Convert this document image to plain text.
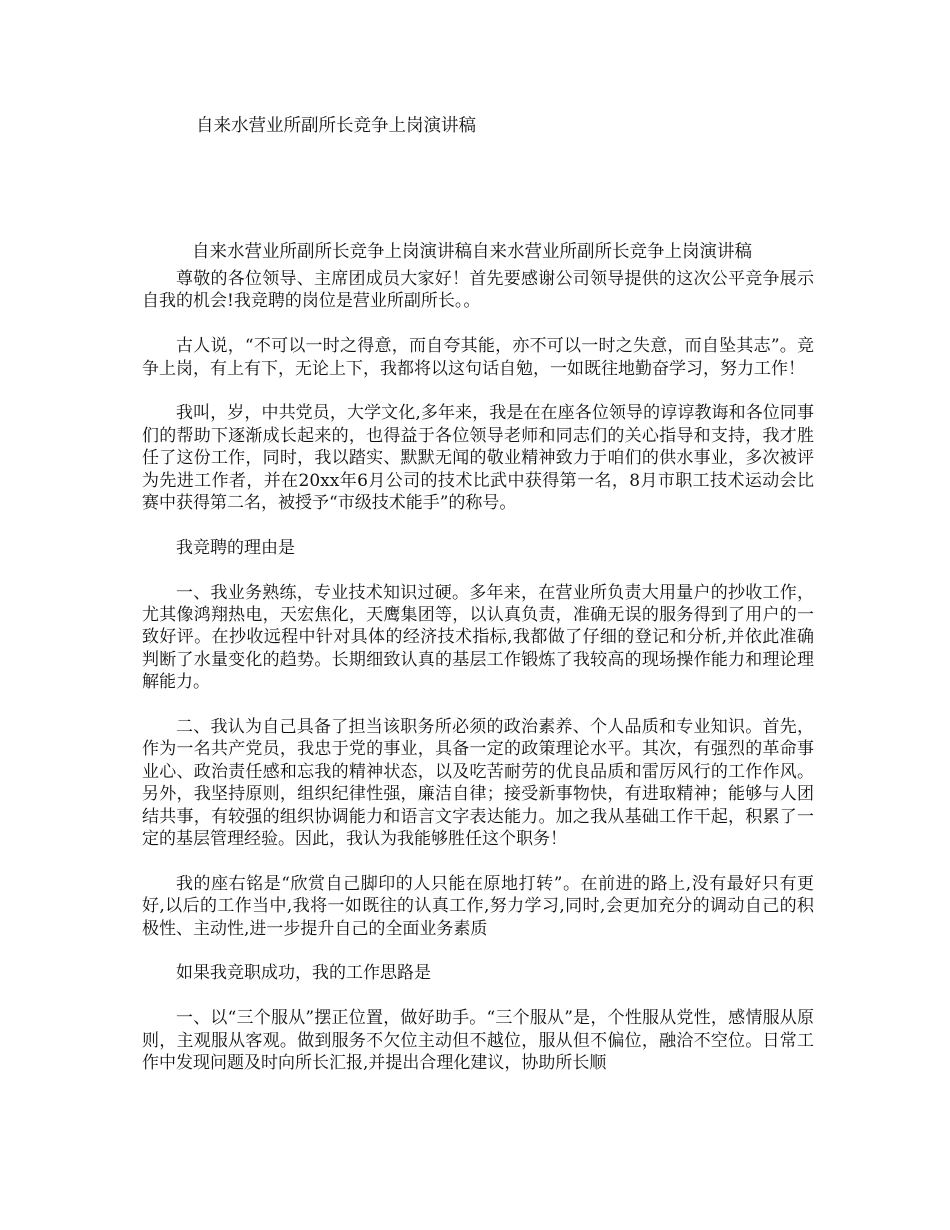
自来水营业所副所长竞争上岗演讲稿
自来水营业所副所长竞争上岗演讲稿自来水营业所副所长竞争上岗演讲稿

尊敬的各位领导、主席团成员大家好！首先要感谢公司领导提供的这次公平竞争展示自我的机会!我竞聘的岗位是营业所副所长。。

古人说，“不可以一时之得意，而自夸其能，亦不可以一时之失意，而自坠其志”。竞争上岗，有上有下，无论上下，我都将以这句话自勉，一如既往地勤奋学习，努力工作！

我叫，岁，中共党员，大学文化,多年来，我是在在座各位领导的谆谆教诲和各位同事们的帮助下逐渐成长起来的，也得益于各位领导老师和同志们的关心指导和支持，我才胜任了这份工作，同时，我以踏实、默默无闻的敬业精神致力于咱们的供水事业，多次被评为先进工作者，并在20xx年6月公司的技术比武中获得第一名，8月市职工技术运动会比赛中获得第二名，被授予“市级技术能手”的称号。

我竞聘的理由是

一、我业务熟练，专业技术知识过硬。多年来，在营业所负责大用量户的抄收工作，尤其像鸿翔热电，天宏焦化，天鹰集团等，以认真负责，准确无误的服务得到了用户的一致好评。在抄收远程中针对具体的经济技术指标,我都做了仔细的登记和分析,并依此准确判断了水量变化的趋势。长期细致认真的基层工作锻炼了我较高的现场操作能力和理论理解能力。

二、我认为自己具备了担当该职务所必须的政治素养、个人品质和专业知识。首先，作为一名共产党员，我忠于党的事业，具备一定的政策理论水平。其次，有强烈的革命事业心、政治责任感和忘我的精神状态，以及吃苦耐劳的优良品质和雷厉风行的工作作风。另外，我坚持原则，组织纪律性强，廉洁自律；接受新事物快，有进取精神；能够与人团结共事，有较强的组织协调能力和语言文字表达能力。加之我从基础工作干起，积累了一定的基层管理经验。因此，我认为我能够胜任这个职务！

我的座右铭是“欣赏自己脚印的人只能在原地打转”。在前进的路上,没有最好只有更好,以后的工作当中,我将一如既往的认真工作,努力学习,同时,会更加充分的调动自己的积极性、主动性,进一步提升自己的全面业务素质

如果我竞职成功，我的工作思路是

一、以“三个服从”摆正位置，做好助手。“三个服从”是，个性服从党性，感情服从原则，主观服从客观。做到服务不欠位主动但不越位，服从但不偏位，融洽不空位。日常工作中发现问题及时向所长汇报,并提出合理化建议，协助所长顺
